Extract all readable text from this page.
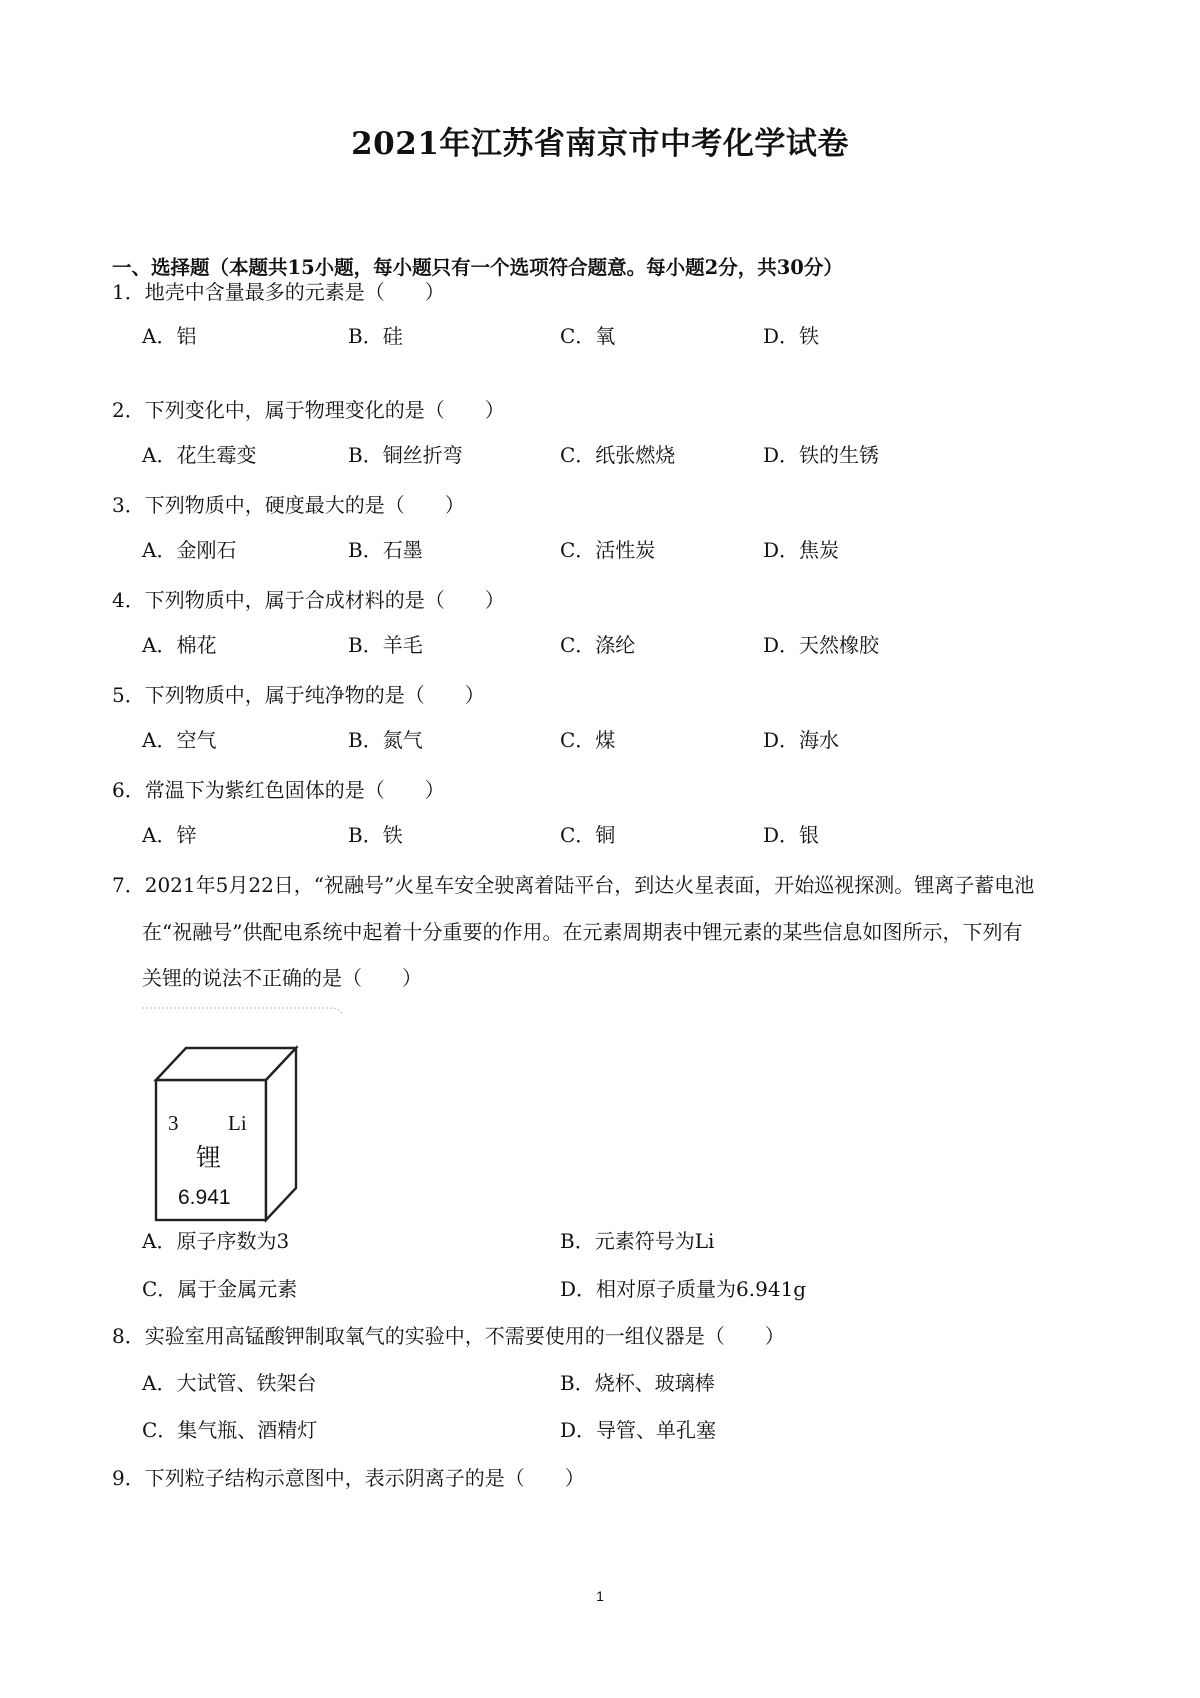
2021年江苏省南京市中考化学试卷
一、选择题（本题共15小题，每小题只有一个选项符合题意。每小题2分，共30分）
1．地壳中含量最多的元素是（　　）
A．铝	B．硅	C．氧	D．铁
2．下列变化中，属于物理变化的是（　　）
A．花生霉变	B．铜丝折弯	C．纸张燃烧	D．铁的生锈
3．下列物质中，硬度最大的是（　　）
A．金刚石	B．石墨	C．活性炭	D．焦炭
4．下列物质中，属于合成材料的是（　　）
A．棉花	B．羊毛	C．涤纶	D．天然橡胶
5．下列物质中，属于纯净物的是（　　）
A．空气	B．氮气	C．煤	D．海水
6．常温下为紫红色固体的是（　　）
A．锌	B．铁	C．铜	D．银
7．2021年5月22日，“祝融号”火星车安全驶离着陆平台，到达火星表面，开始巡视探测。锂离子蓄电池
在“祝融号”供配电系统中起着十分重要的作用。在元素周期表中锂元素的某些信息如图所示，下列有
关锂的说法不正确的是（　　）
3 Li
锂
6.941
A．原子序数为3	B．元素符号为Li
C．属于金属元素	D．相对原子质量为6.941g
8．实验室用高锰酸钾制取氧气的实验中，不需要使用的一组仪器是（　　）
A．大试管、铁架台	B．烧杯、玻璃棒
C．集气瓶、酒精灯	D．导管、单孔塞
9．下列粒子结构示意图中，表示阴离子的是（　　）
1
